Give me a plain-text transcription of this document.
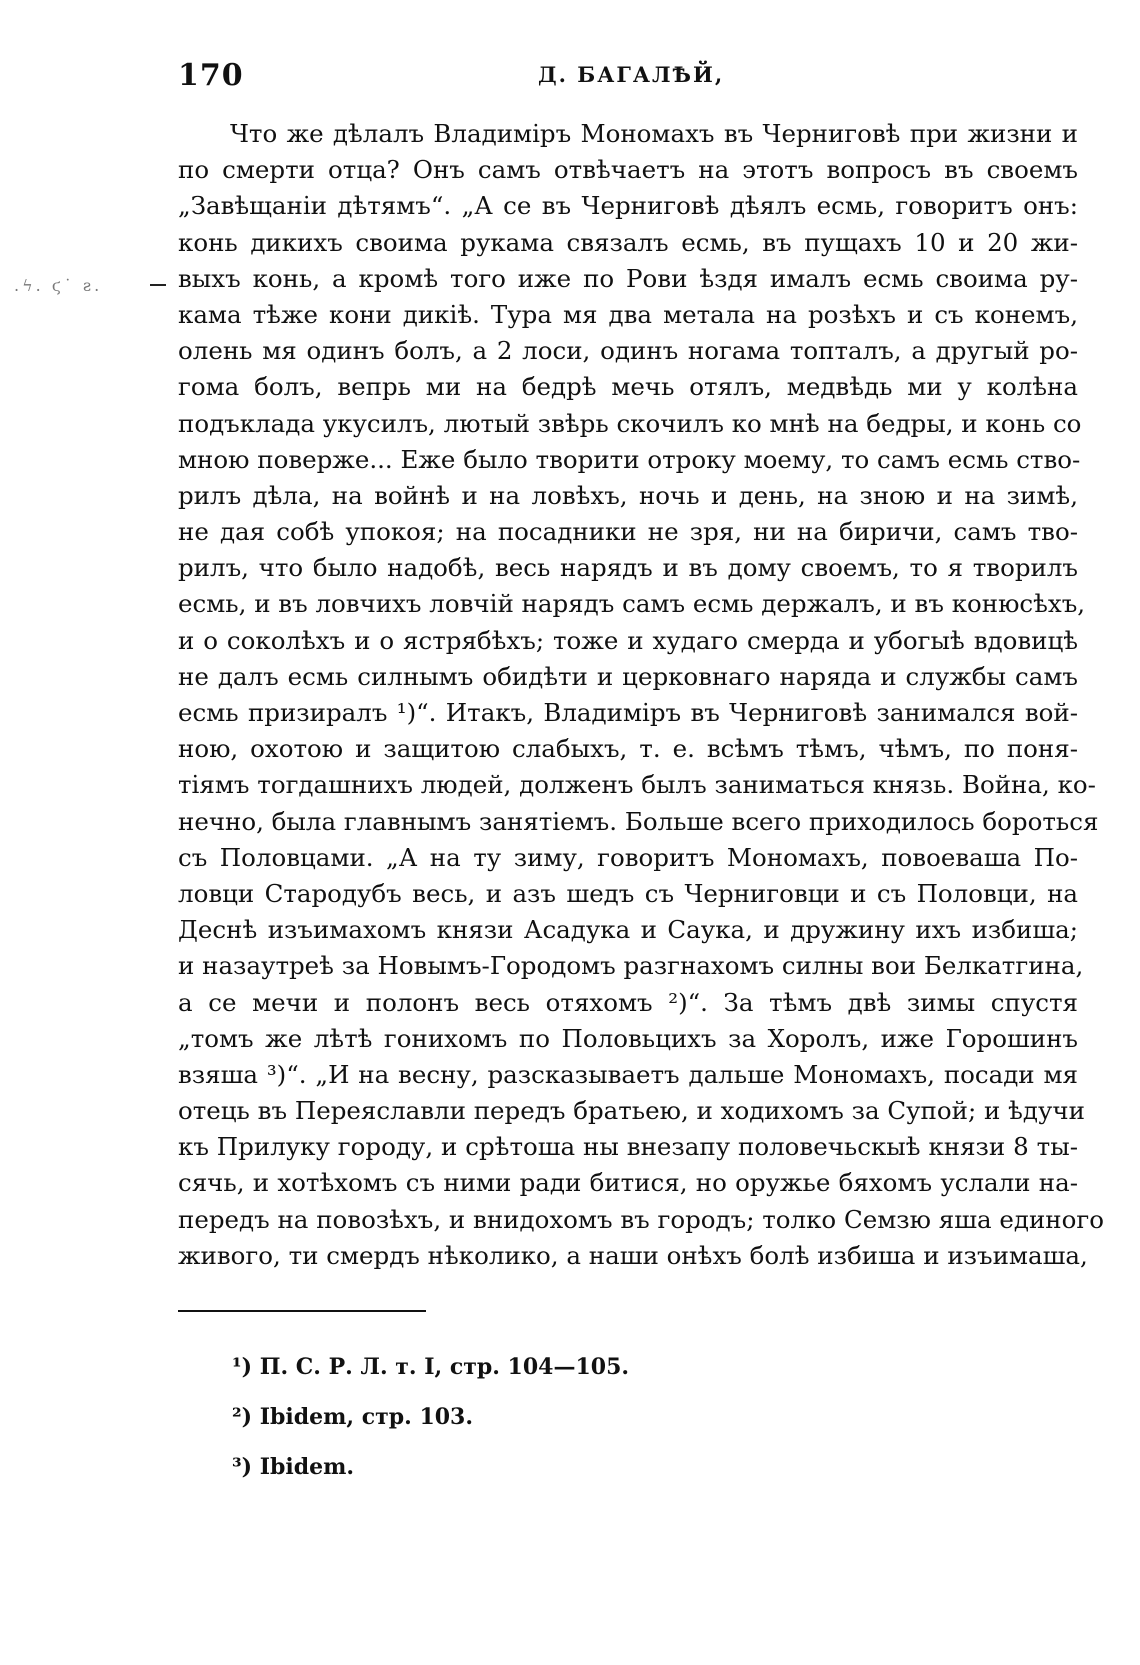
170	Д. БАГАЛѢЙ,
.ϟ. ϛ˙ ƨ.
Что же дѣлалъ Владиміръ Мономахъ въ Черниговѣ при жизни и
по смерти отца? Онъ самъ отвѣчаетъ на этотъ вопросъ въ своемъ
„Завѣщаніи дѣтямъ“. „А се въ Черниговѣ дѣялъ есмь, говоритъ онъ:
конь дикихъ своима рукама связалъ есмь, въ пущахъ 10 и 20 жи-
выхъ конь, а кромѣ того иже по Рови ѣздя ималъ есмь своима ру-
кама тѣже кони дикіѣ. Тура мя два метала на розѣхъ и съ конемъ,
олень мя одинъ болъ, а 2 лоси, одинъ ногама топталъ, а другый ро-
гома болъ, вепрь ми на бедрѣ мечь отялъ, медвѣдь ми у колѣна
подъклада укусилъ, лютый звѣрь скочилъ ко мнѣ на бедры, и конь со
мною поверже... Еже было творити отроку моему, то самъ есмь ство-
рилъ дѣла, на войнѣ и на ловѣхъ, ночь и день, на зною и на зимѣ,
не дая собѣ упокоя; на посадники не зря, ни на биричи, самъ тво-
рилъ, что было надобѣ, весь нарядъ и въ дому своемъ, то я творилъ
есмь, и въ ловчихъ ловчій нарядъ самъ есмь держалъ, и въ конюсѣхъ,
и о соколѣхъ и о ястрябѣхъ; тоже и худаго смерда и убогыѣ вдовицѣ
не далъ есмь силнымъ обидѣти и церковнаго наряда и службы самъ
есмь призиралъ ¹)“. Итакъ, Владиміръ въ Черниговѣ занимался вой-
ною, охотою и защитою слабыхъ, т. е. всѣмъ тѣмъ, чѣмъ, по поня-
тіямъ тогдашнихъ людей, долженъ былъ заниматься князь. Война, ко-
нечно, была главнымъ занятіемъ. Больше всего приходилось бороться
съ Половцами. „А на ту зиму, говоритъ Мономахъ, повоеваша По-
ловци Стародубъ весь, и азъ шедъ съ Черниговци и съ Половци, на
Деснѣ изъимахомъ князи Асадука и Саука, и дружину ихъ избиша;
и назаутреѣ за Новымъ-Городомъ разгнахомъ силны вои Белкатгина,
а се мечи и полонъ весь отяхомъ ²)“. За тѣмъ двѣ зимы спустя
„томъ же лѣтѣ гонихомъ по Половьцихъ за Хоролъ, иже Горошинъ
взяша ³)“. „И на весну, разсказываетъ дальше Мономахъ, посади мя
отець въ Переяславли передъ братьею, и ходихомъ за Супой; и ѣдучи
къ Прилуку городу, и срѣтоша ны внезапу половечьскыѣ князи 8 ты-
сячь, и хотѣхомъ съ ними ради битися, но оружье бяхомъ услали на-
передъ на повозѣхъ, и внидохомъ въ городъ; толко Семзю яша единого
живого, ти смердъ нѣколико, а наши онѣхъ болѣ избиша и изъимаша,
¹) П. С. Р. Л. т. I, стр. 104—105.
²) Ibidem, стр. 103.
³) Ibidem.
